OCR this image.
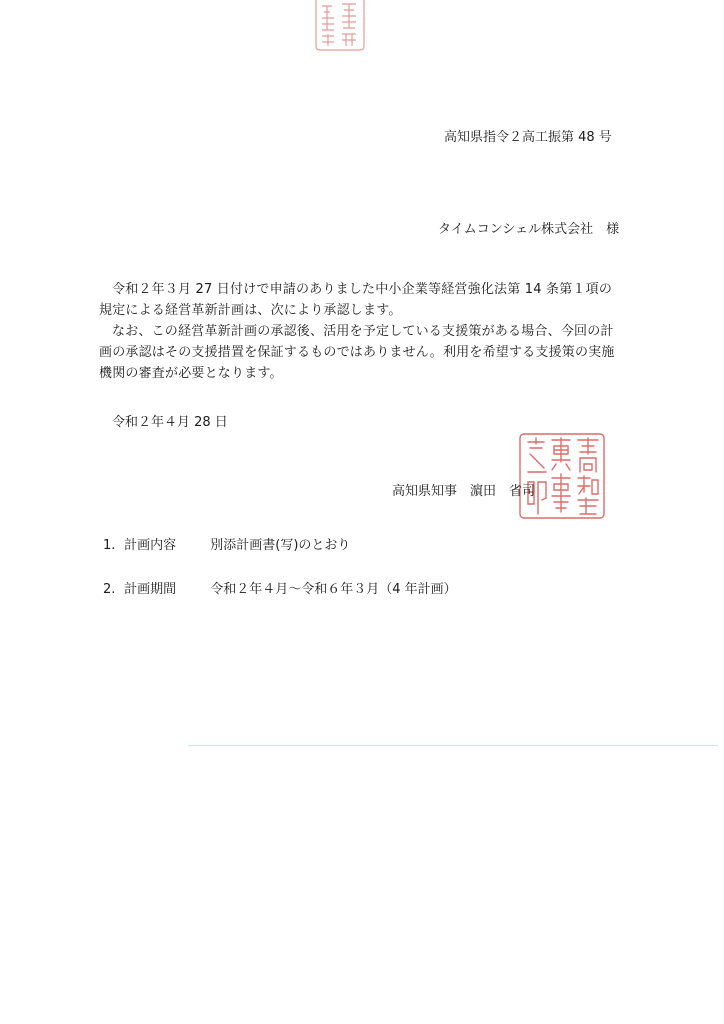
高知県指令２高工振第 48 号
タイムコンシェル株式会社　様

令和２年３月 27 日付けで申請のありました中小企業等経営強化法第 14 条第１項の規定による経営革新計画は、次により承認します。

なお、この経営革新計画の承認後、活用を予定している支援策がある場合、今回の計画の承認はその支援措置を保証するものではありません。利用を希望する支援策の実施機関の審査が必要となります。

令和２年４月 28 日
高知県知事　濵田　省司
1. 計画内容	別添計画書(写)のとおり
2. 計画期間	令和２年４月～令和６年３月（4 年計画）
